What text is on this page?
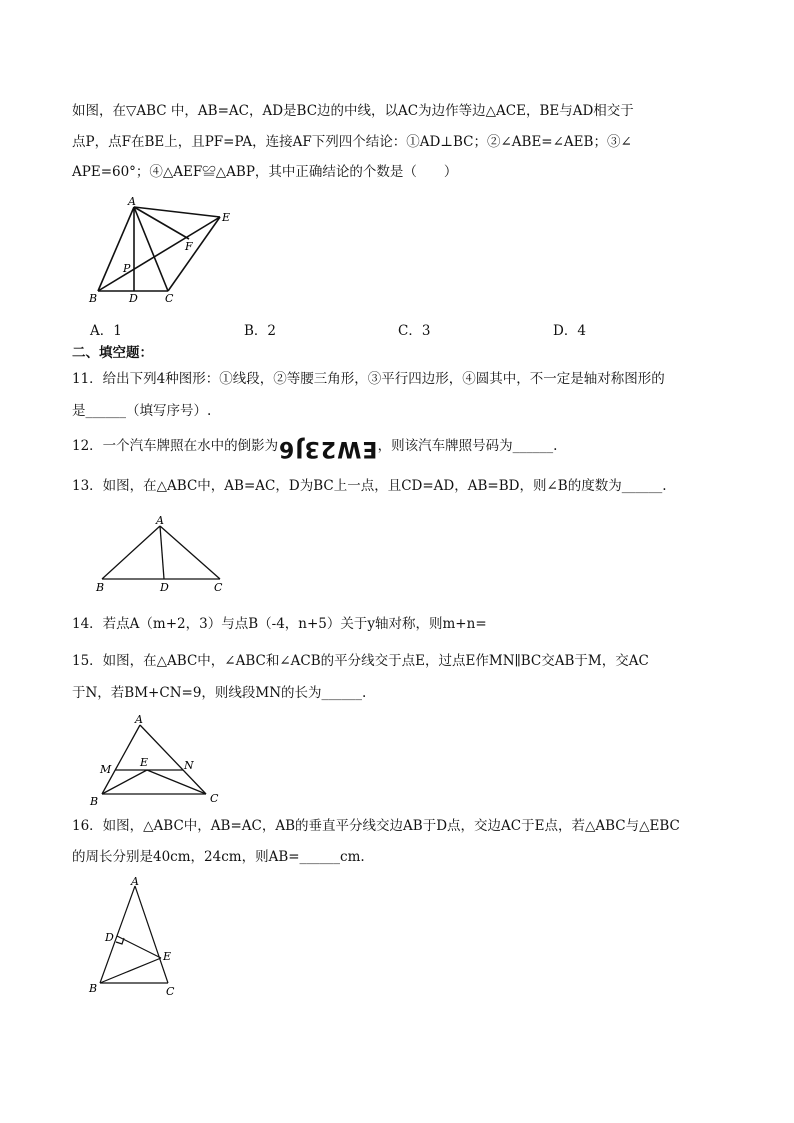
如图，在▽ABC 中，AB=AC，AD是BC边的中线，以AC为边作等边△ACE，BE与AD相交于
点P，点F在BE上，且PF=PA，连接AF下列四个结论：①AD⊥BC；②∠ABE=∠AEB；③∠
APE=60°；④△AEF≌△ABP，其中正确结论的个数是（　　）
A
E
F
P
B	D C
A．1	B．2	C．3	D．4
二、填空题：
11．给出下列4种图形：①线段，②等腰三角形，③平行四边形，④圆其中，不一定是轴对称图形的
是______（填写序号）.
12．一个汽车牌照在水中的倒影为EW23J6，则该汽车牌照号码为______.
13．如图，在△ABC中，AB=AC，D为BC上一点，且CD=AD，AB=BD，则∠B的度数为______.
A
B	D	C
14．若点A（m+2，3）与点B（-4，n+5）关于y轴对称，则m+n=
15．如图，在△ABC中，∠ABC和∠ACB的平分线交于点E，过点E作MN∥BC交AB于M，交AC
于N，若BM+CN=9，则线段MN的长为______.
A
M
E	N
B	C
16．如图，△ABC中，AB=AC，AB的垂直平分线交边AB于D点，交边AC于E点，若△ABC与△EBC
的周长分别是40cm，24cm，则AB=______cm.
A
D
E
B	C
